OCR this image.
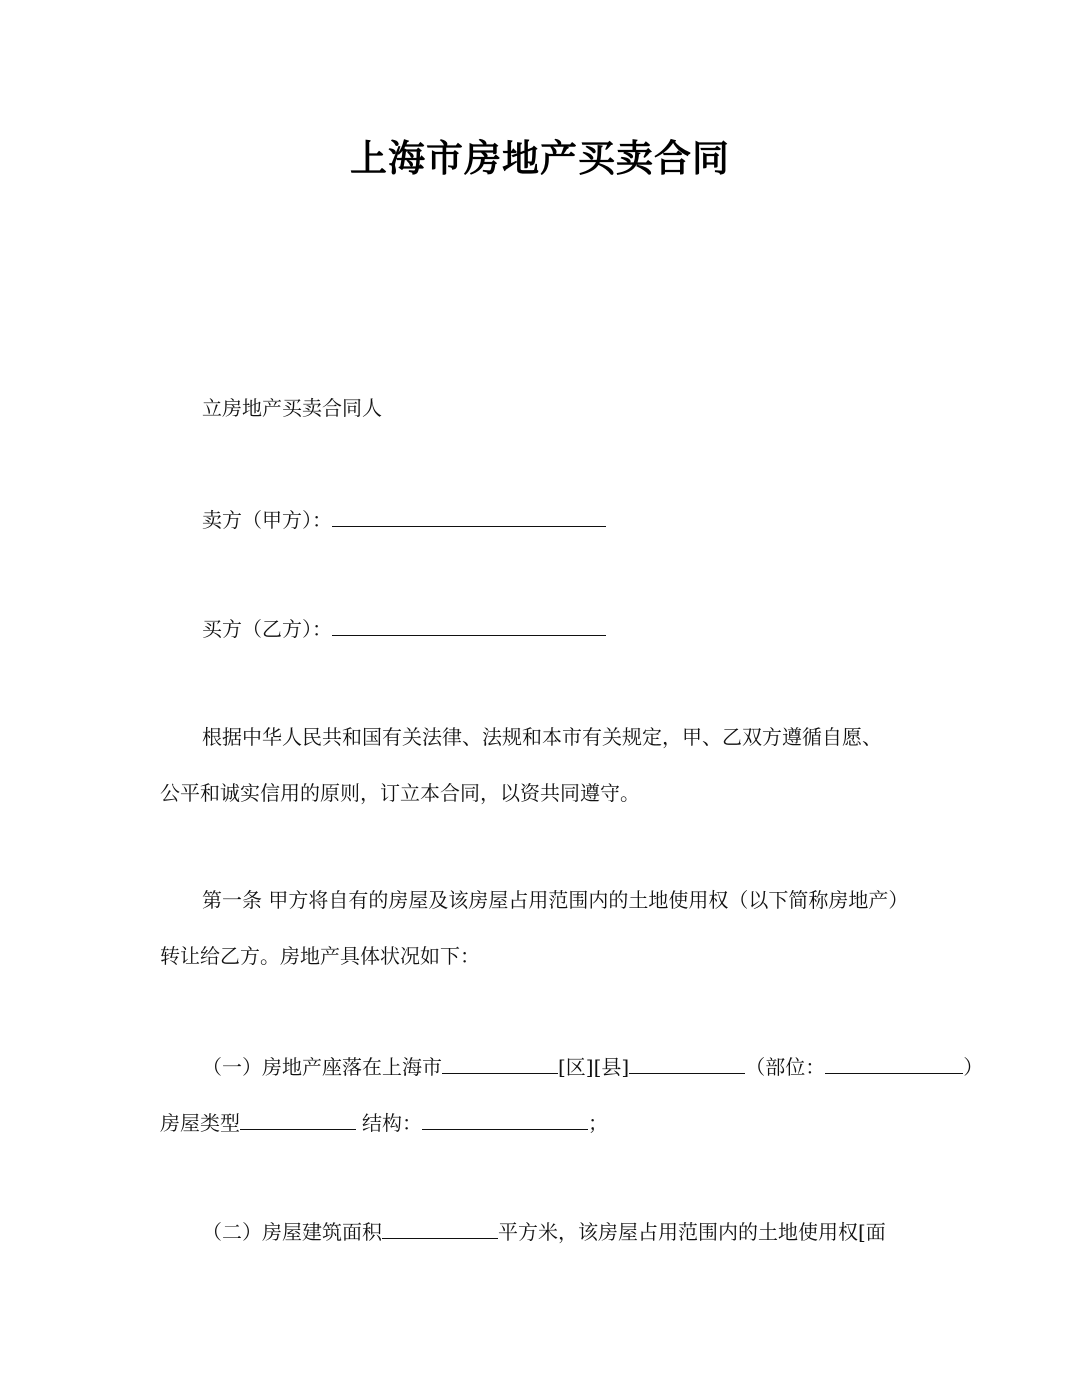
上海市房地产买卖合同
立房地产买卖合同人
卖方（甲方）：
买方（乙方）：
根据中华人民共和国有关法律、法规和本市有关规定，甲、乙双方遵循自愿、
公平和诚实信用的原则，订立本合同，以资共同遵守。
第一条 甲方将自有的房屋及该房屋占用范围内的土地使用权（以下简称房地产）
转让给乙方。房地产具体状况如下：
（一）房地产座落在上海市	[区][县]	（部位：	）
房屋类型	结构：	；
（二）房屋建筑面积	平方米，该房屋占用范围内的土地使用权[面
